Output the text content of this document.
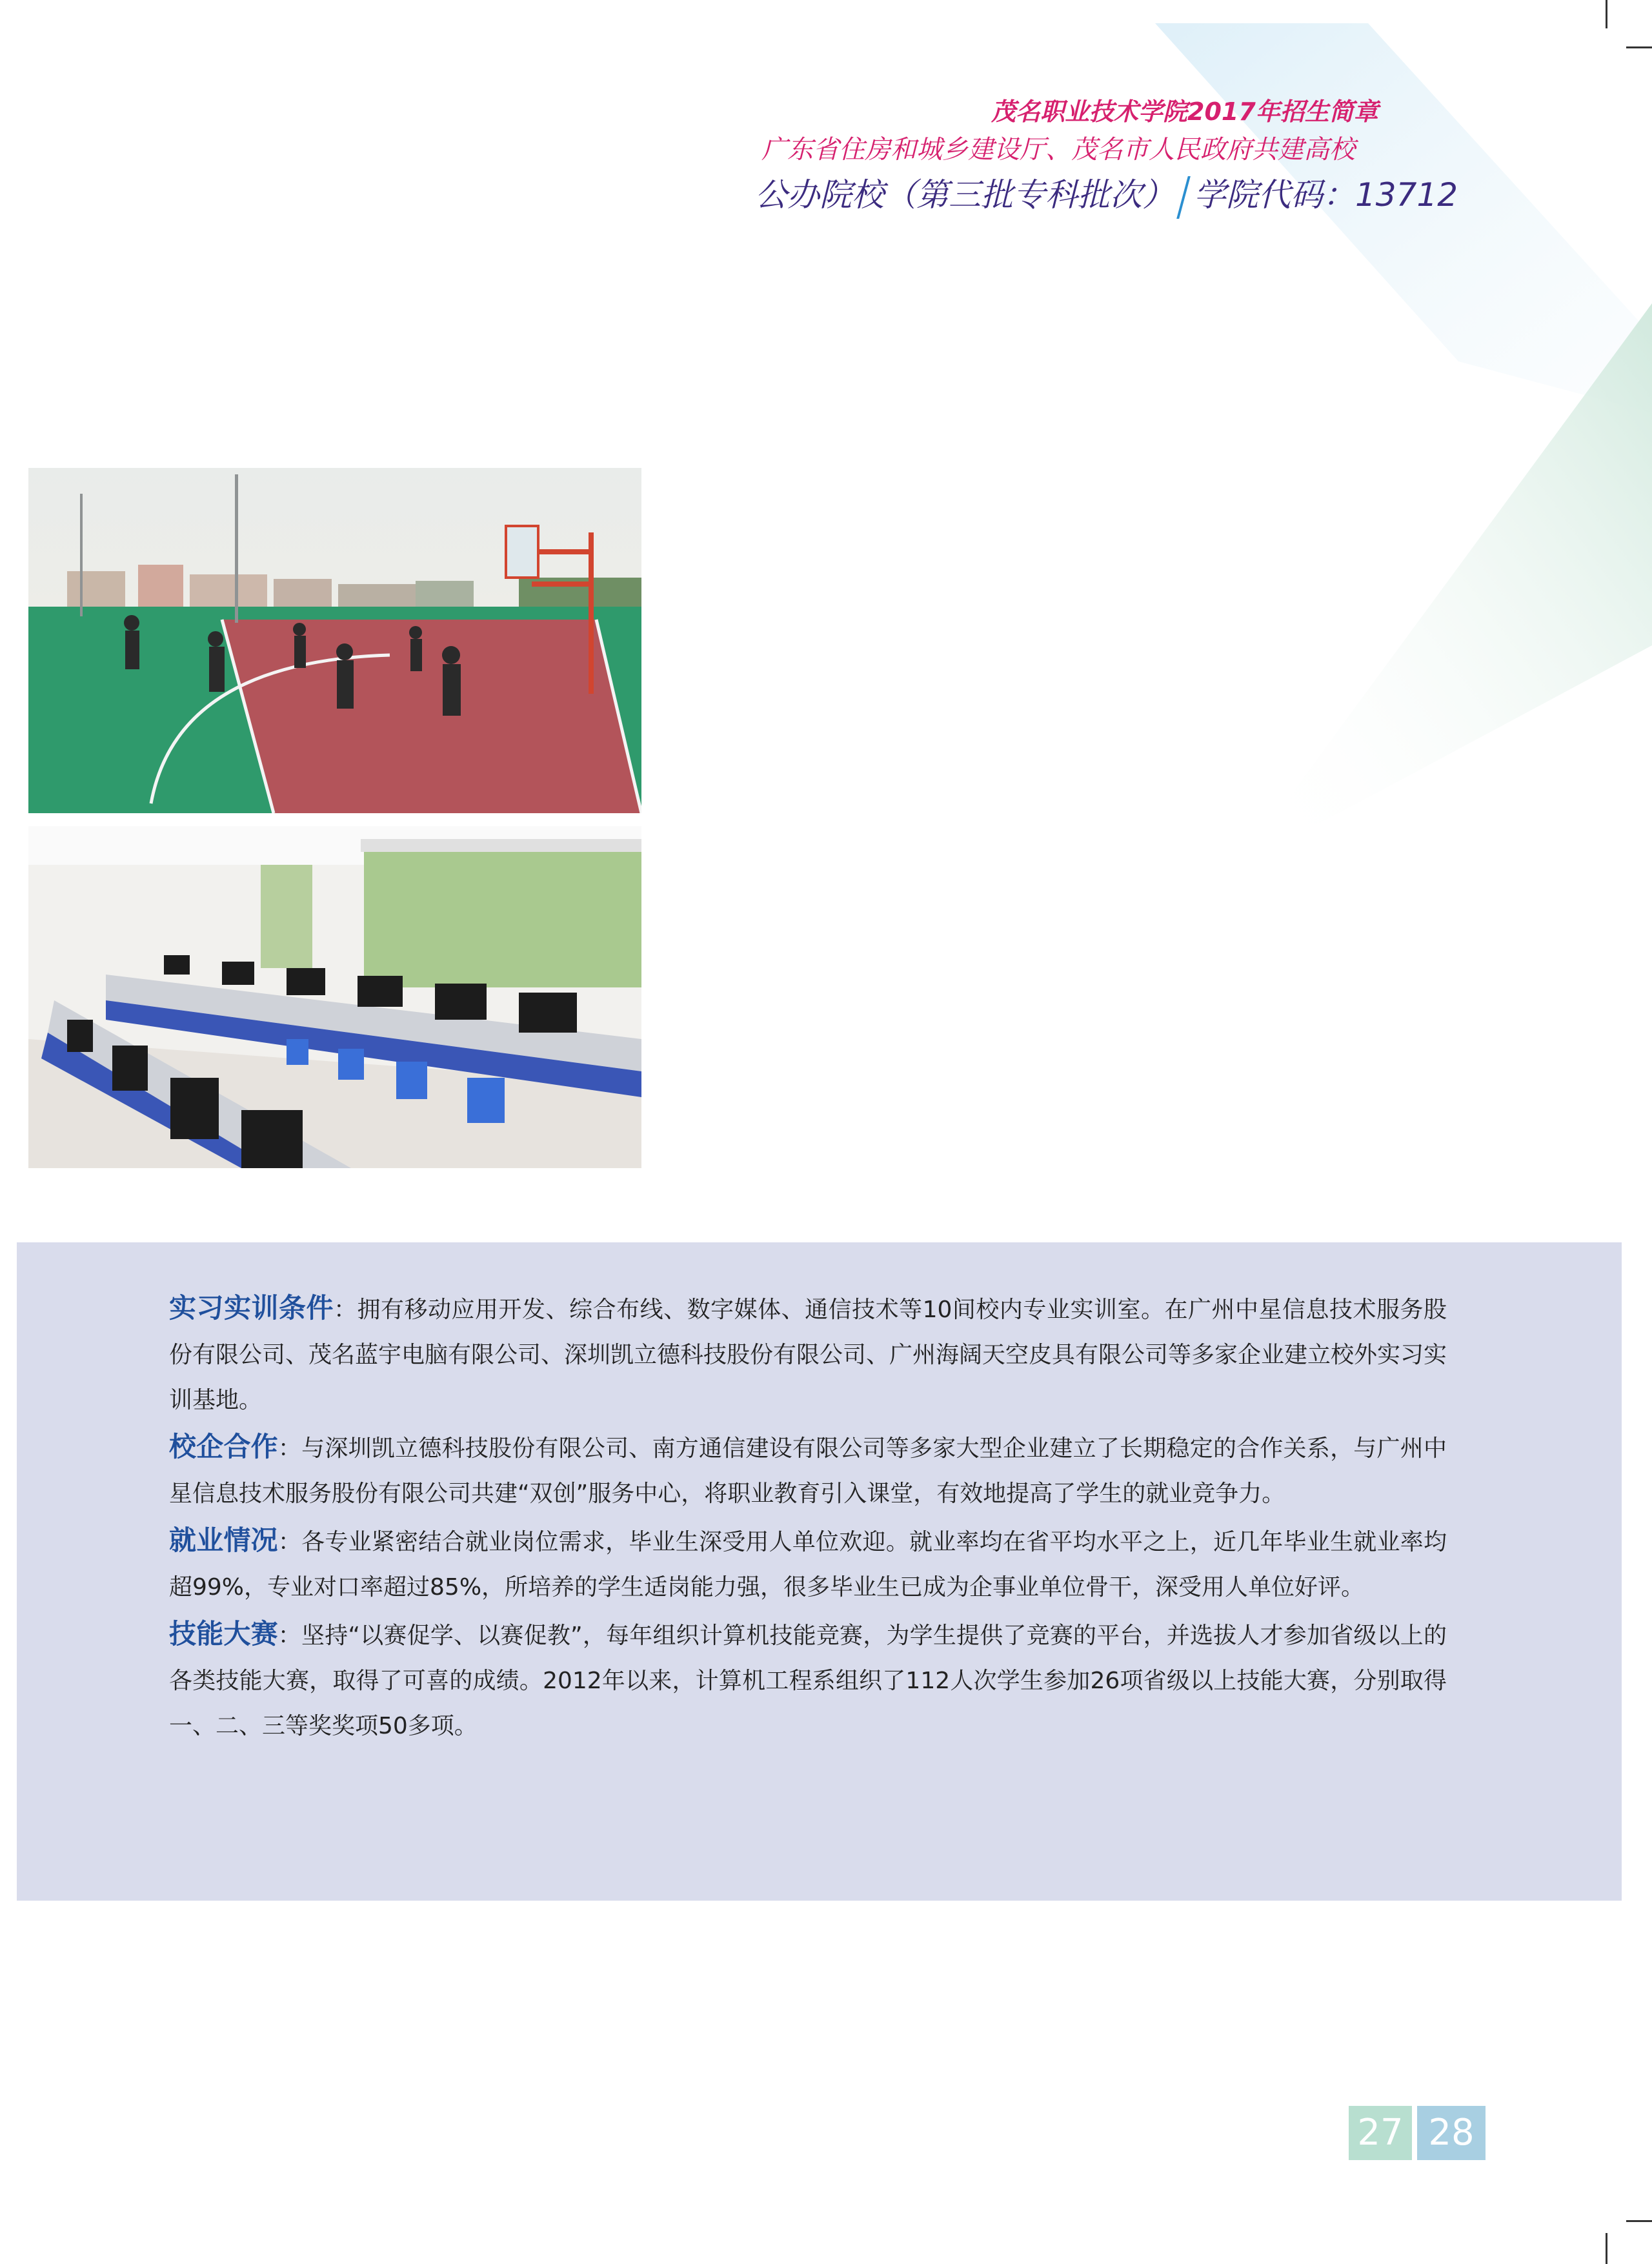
茂名职业技术学院2017年招生简章
广东省住房和城乡建设厅、茂名市人民政府共建高校
公办院校（第三批专科批次） 学院代码：13712

实习实训条件：拥有移动应用开发、综合布线、数字媒体、通信技术等10间校内专业实训室。在广州中星信息技术服务股份有限公司、茂名蓝宇电脑有限公司、深圳凯立德科技股份有限公司、广州海阔天空皮具有限公司等多家企业建立校外实习实训基地。

校企合作：与深圳凯立德科技股份有限公司、南方通信建设有限公司等多家大型企业建立了长期稳定的合作关系，与广州中星信息技术服务股份有限公司共建“双创”服务中心，将职业教育引入课堂，有效地提高了学生的就业竞争力。

就业情况：各专业紧密结合就业岗位需求，毕业生深受用人单位欢迎。就业率均在省平均水平之上，近几年毕业生就业率均超99%，专业对口率超过85%，所培养的学生适岗能力强，很多毕业生已成为企事业单位骨干，深受用人单位好评。

技能大赛：坚持“以赛促学、以赛促教”，每年组织计算机技能竞赛，为学生提供了竞赛的平台，并选拔人才参加省级以上的各类技能大赛，取得了可喜的成绩。2012年以来，计算机工程系组织了112人次学生参加26项省级以上技能大赛，分别取得一、二、三等奖奖项50多项。

27 28
